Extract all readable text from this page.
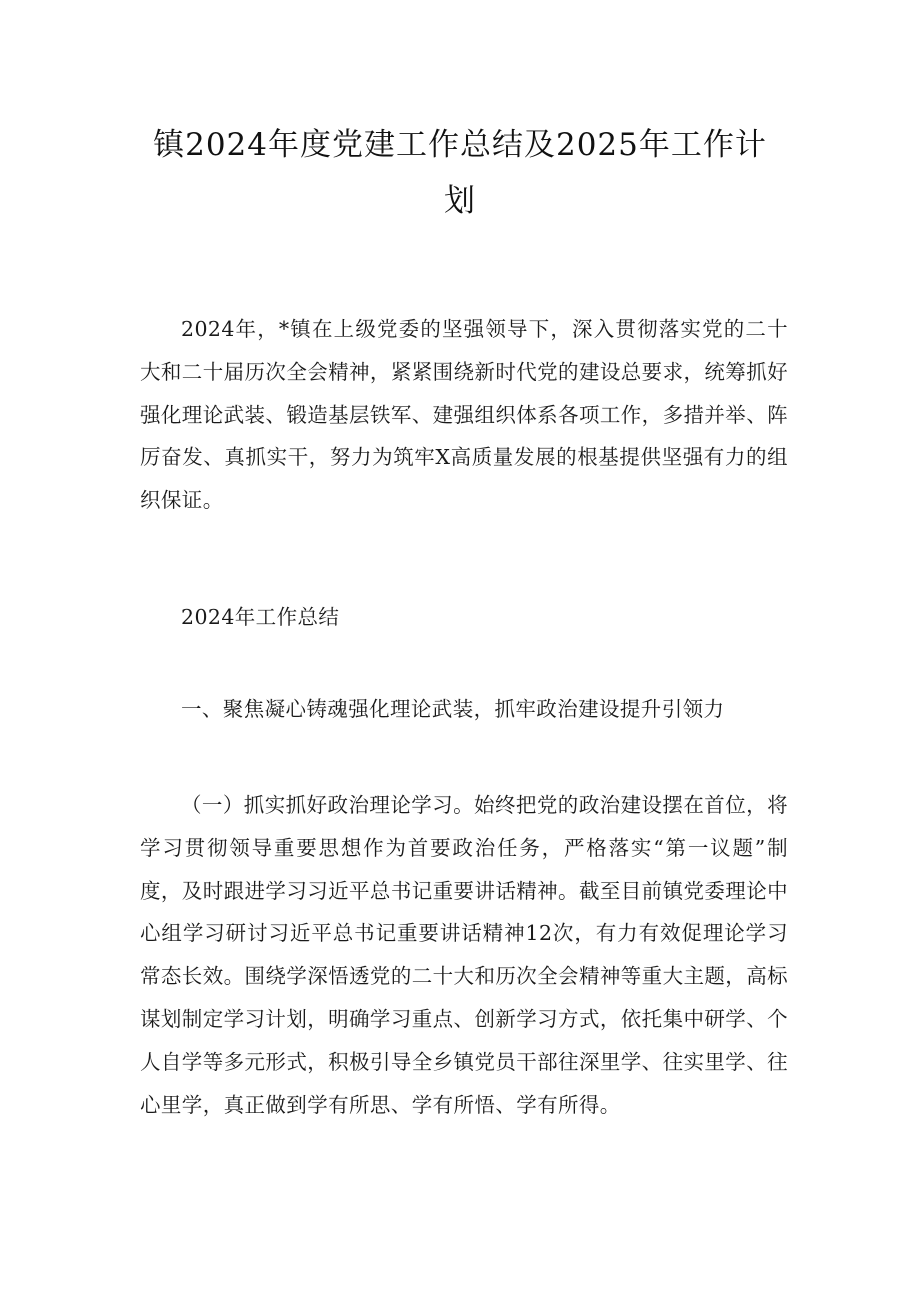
镇2024年度党建工作总结及2025年工作计划

2024年，*镇在上级党委的坚强领导下，深入贯彻落实党的二十大和二十届历次全会精神，紧紧围绕新时代党的建设总要求，统筹抓好强化理论武装、锻造基层铁军、建强组织体系各项工作，多措并举、阵厉奋发、真抓实干，努力为筑牢X高质量发展的根基提供坚强有力的组织保证。

2024年工作总结

一、聚焦凝心铸魂强化理论武装，抓牢政治建设提升引领力

（一）抓实抓好政治理论学习。始终把党的政治建设摆在首位，将学习贯彻领导重要思想作为首要政治任务，严格落实“第一议题”制度，及时跟进学习习近平总书记重要讲话精神。截至目前镇党委理论中心组学习研讨习近平总书记重要讲话精神12次，有力有效促理论学习常态长效。围绕学深悟透党的二十大和历次全会精神等重大主题，高标谋划制定学习计划，明确学习重点、创新学习方式，依托集中研学、个人自学等多元形式，积极引导全乡镇党员干部往深里学、往实里学、往心里学，真正做到学有所思、学有所悟、学有所得。
